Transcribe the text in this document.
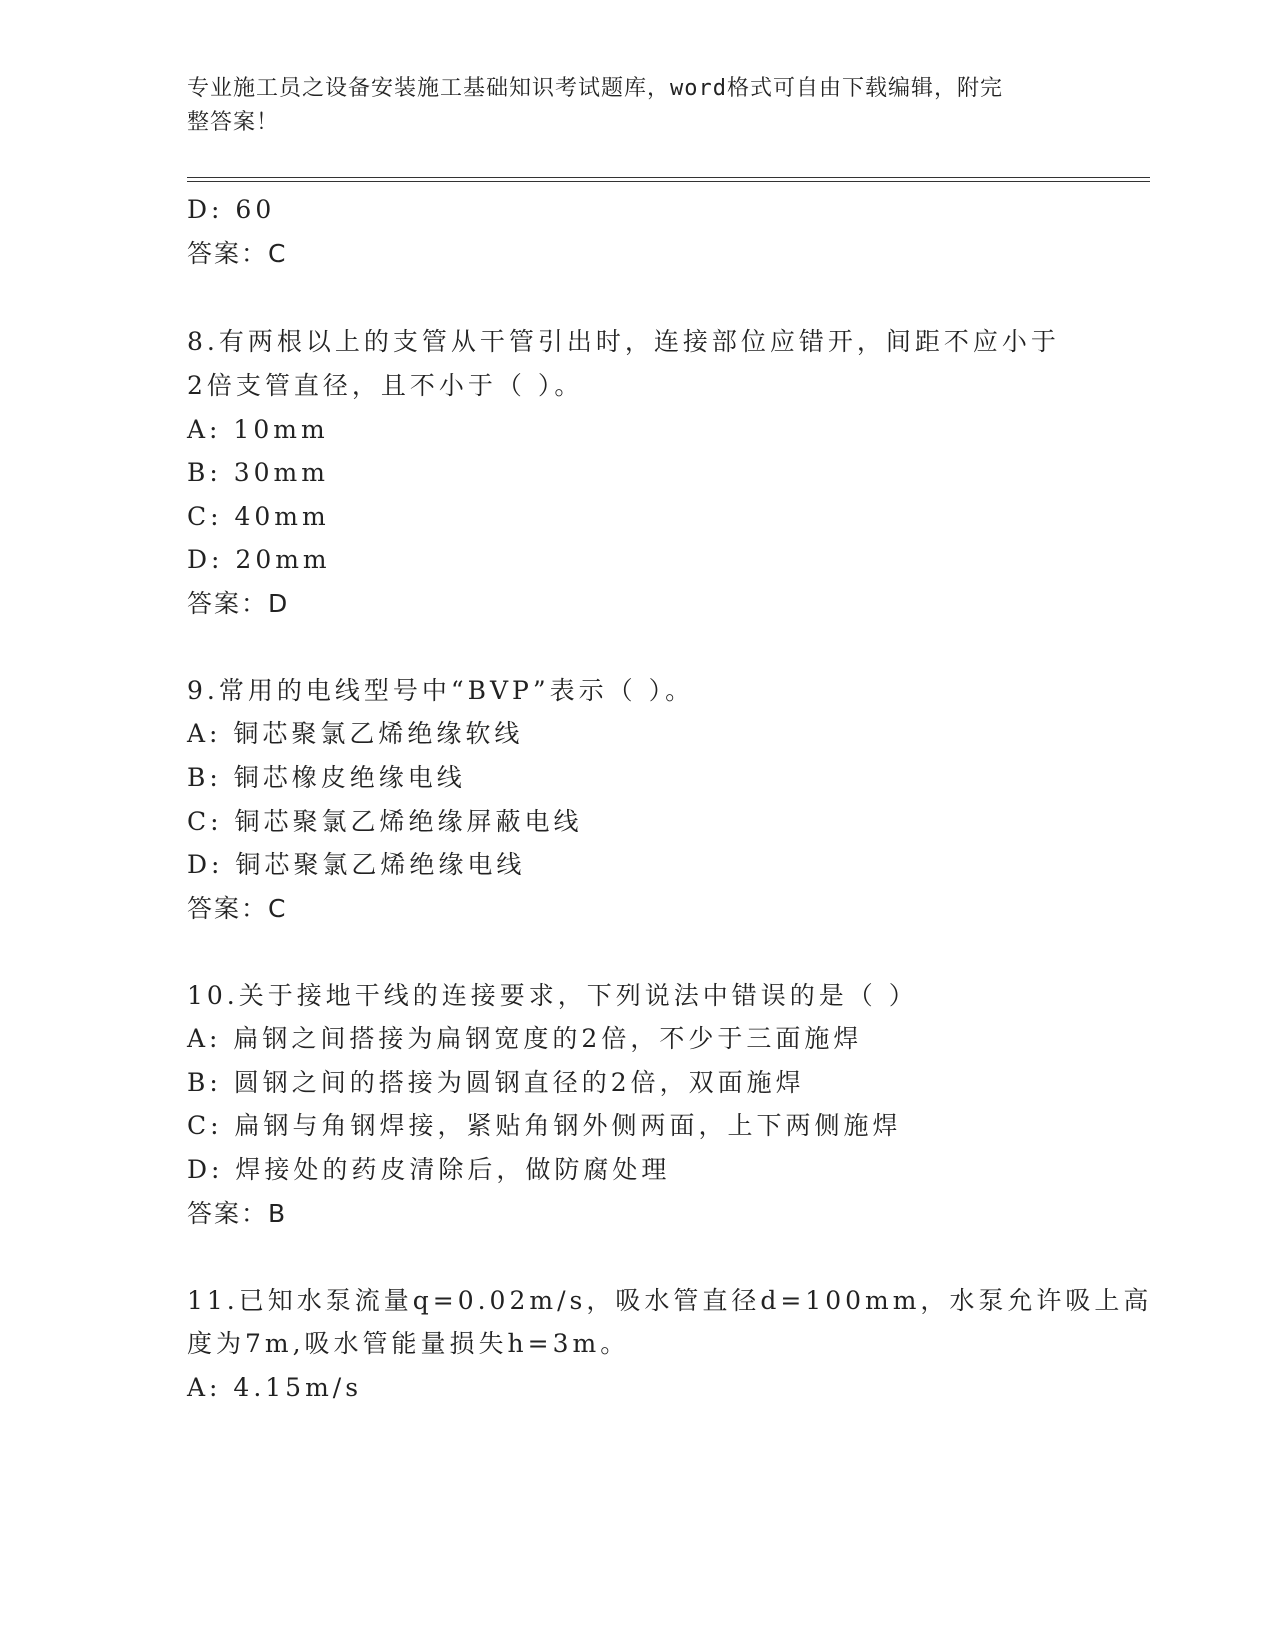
专业施工员之设备安装施工基础知识考试题库，word格式可自由下载编辑，附完
整答案！
D: 60
答案：C
8.有两根以上的支管从干管引出时，连接部位应错开，间距不应小于
2倍支管直径，且不小于（ ）。
A: 10mm
B: 30mm
C: 40mm
D: 20mm
答案：D
9.常用的电线型号中“BVP”表示（ ）。
A: 铜芯聚氯乙烯绝缘软线
B: 铜芯橡皮绝缘电线
C: 铜芯聚氯乙烯绝缘屏蔽电线
D: 铜芯聚氯乙烯绝缘电线
答案：C
10.关于接地干线的连接要求，下列说法中错误的是（ ）
A: 扁钢之间搭接为扁钢宽度的2倍，不少于三面施焊
B: 圆钢之间的搭接为圆钢直径的2倍，双面施焊
C: 扁钢与角钢焊接，紧贴角钢外侧两面，上下两侧施焊
D: 焊接处的药皮清除后，做防腐处理
答案：B
11.已知水泵流量q=0.02m/s，吸水管直径d=100mm，水泵允许吸上高
度为7m,吸水管能量损失h=3m。
A: 4.15m/s
